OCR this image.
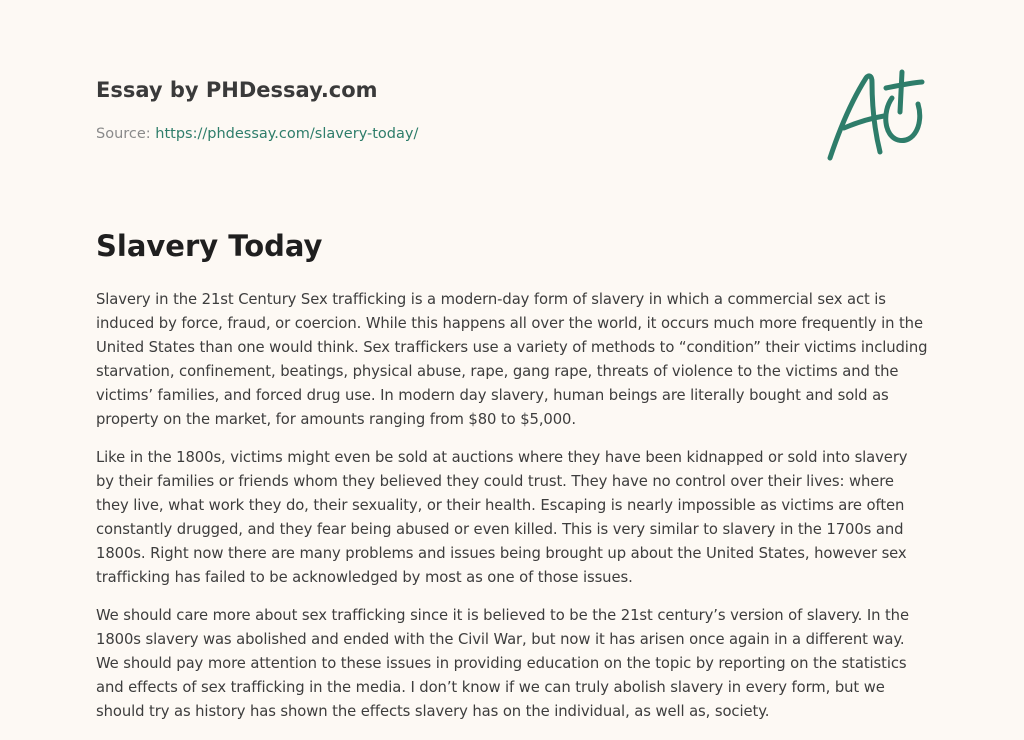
Essay by PHDessay.com
Source: https://phdessay.com/slavery-today/
Slavery Today

Slavery in the 21st Century Sex trafficking is a modern-day form of slavery in which a commercial sex act is induced by force, fraud, or coercion. While this happens all over the world, it occurs much more frequently in the United States than one would think. Sex traffickers use a variety of methods to “condition” their victims including starvation, confinement, beatings, physical abuse, rape, gang rape, threats of violence to the victims and the victims’ families, and forced drug use. In modern day slavery, human beings are literally bought and sold as property on the market, for amounts ranging from $80 to $5,000.

Like in the 1800s, victims might even be sold at auctions where they have been kidnapped or sold into slavery by their families or friends whom they believed they could trust. They have no control over their lives: where they live, what work they do, their sexuality, or their health. Escaping is nearly impossible as victims are often constantly drugged, and they fear being abused or even killed. This is very similar to slavery in the 1700s and 1800s. Right now there are many problems and issues being brought up about the United States, however sex trafficking has failed to be acknowledged by most as one of those issues.

We should care more about sex trafficking since it is believed to be the 21st century’s version of slavery. In the 1800s slavery was abolished and ended with the Civil War, but now it has arisen once again in a different way. We should pay more attention to these issues in providing education on the topic by reporting on the statistics and effects of sex trafficking in the media. I don’t know if we can truly abolish slavery in every form, but we should try as history has shown the effects slavery has on the individual, as well as, society.
